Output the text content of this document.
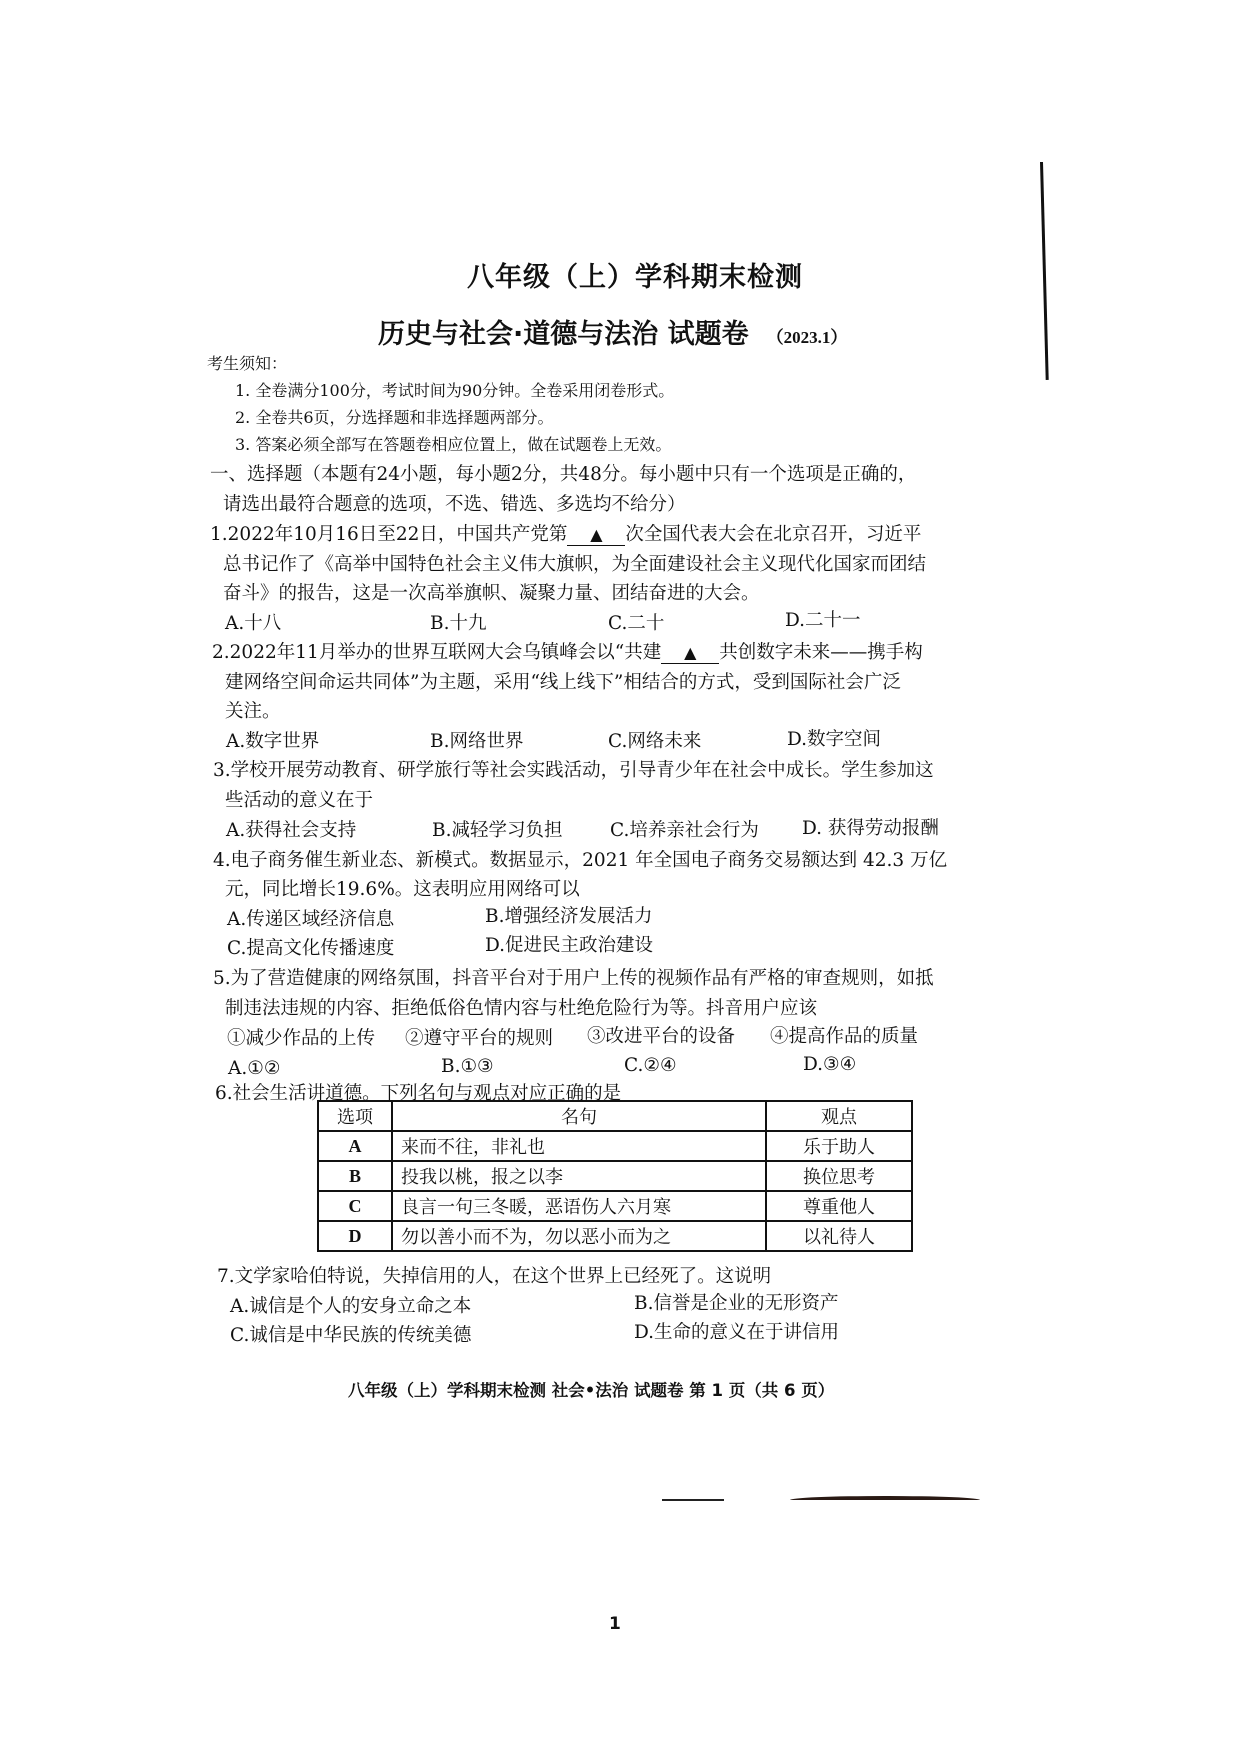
八年级（上）学科期末检测
历史与社会·道德与法治 试题卷 （2023.1）
考生须知：
1. 全卷满分100分，考试时间为90分钟。全卷采用闭卷形式。
2. 全卷共6页，分选择题和非选择题两部分。
3. 答案必须全部写在答题卷相应位置上，做在试题卷上无效。
一、选择题（本题有24小题，每小题2分，共48分。每小题中只有一个选项是正确的，
请选出最符合题意的选项，不选、错选、多选均不给分）
1.2022年10月16日至22日，中国共产党第 ▲ 次全国代表大会在北京召开，习近平
总书记作了《高举中国特色社会主义伟大旗帜，为全面建设社会主义现代化国家而团结
奋斗》的报告，这是一次高举旗帜、凝聚力量、团结奋进的大会。
A.十八	B.十九	C.二十	D.二十一
2.2022年11月举办的世界互联网大会乌镇峰会以“共建 ▲ 共创数字未来——携手构
建网络空间命运共同体”为主题，采用“线上线下”相结合的方式，受到国际社会广泛
关注。
A.数字世界	B.网络世界	C.网络未来	D.数字空间
3.学校开展劳动教育、研学旅行等社会实践活动，引导青少年在社会中成长。学生参加这
些活动的意义在于
A.获得社会支持	B.减轻学习负担	C.培养亲社会行为 D. 获得劳动报酬
4.电子商务催生新业态、新模式。数据显示，2021 年全国电子商务交易额达到 42.3 万亿
元，同比增长19.6%。这表明应用网络可以
A.传递区域经济信息	B.增强经济发展活力
C.提高文化传播速度	D.促进民主政治建设
5.为了营造健康的网络氛围，抖音平台对于用户上传的视频作品有严格的审查规则，如抵
制违法违规的内容、拒绝低俗色情内容与杜绝危险行为等。抖音用户应该
①减少作品的上传 ②遵守平台的规则 ③改进平台的设备 ④提高作品的质量
A.①②	B.①③	C.②④	D.③④
6.社会生活讲道德。下列名句与观点对应正确的是
选项	名句	观点
A	来而不往，非礼也	乐于助人
B	投我以桃，报之以李	换位思考
C	良言一句三冬暖，恶语伤人六月寒	尊重他人
D	勿以善小而不为，勿以恶小而为之	以礼待人
7.文学家哈伯特说，失掉信用的人，在这个世界上已经死了。这说明
A.诚信是个人的安身立命之本	B.信誉是企业的无形资产
C.诚信是中华民族的传统美德	D.生命的意义在于讲信用
八年级（上）学科期末检测 社会•法治 试题卷 第 1 页（共 6 页）
1
